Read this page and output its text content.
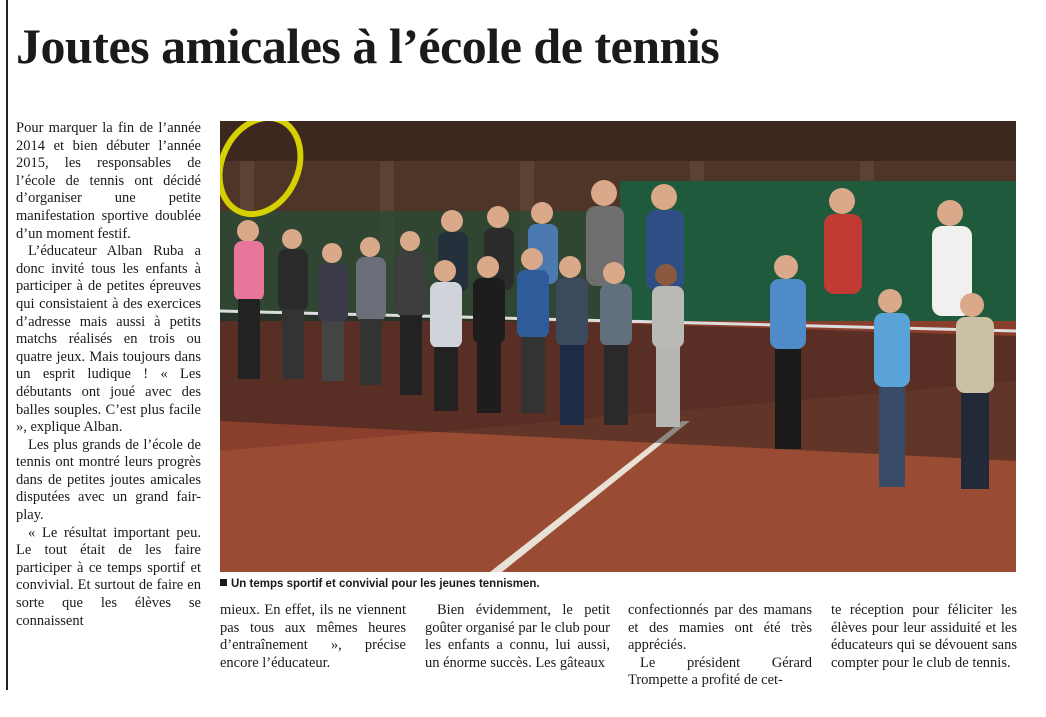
Joutes amicales à l’école de tennis

Pour marquer la fin de l’année 2014 et bien débuter l’année 2015, les responsables de l’école de tennis ont décidé d’organiser une petite manifestation sportive doublée d’un moment festif.

L’éducateur Alban Ruba a donc invité tous les enfants à participer à de petites épreuves qui consistaient à des exercices d’adresse mais aussi à petits matchs réalisés en trois ou quatre jeux. Mais toujours dans un esprit ludique ! « Les débutants ont joué avec des balles souples. C’est plus facile », explique Alban.

Les plus grands de l’école de tennis ont montré leurs progrès dans de petites joutes amicales disputées avec un grand fair-play.

« Le résultat important peu. Le tout était de les faire participer à ce temps sportif et convivial. Et surtout de faire en sorte que les élèves se connaissent

Un temps sportif et convivial pour les jeunes tennismen.

mieux. En effet, ils ne viennent pas tous aux mêmes heures d’entraînement », précise encore l’éducateur.

Bien évidemment, le petit goûter organisé par le club pour les enfants a connu, lui aussi, un énorme succès. Les gâteaux

confectionnés par des mamans et des mamies ont été très appréciés.

Le président Gérard Trompette a profité de cet-

te réception pour féliciter les élèves pour leur assiduité et les éducateurs qui se dévouent sans compter pour le club de tennis.
